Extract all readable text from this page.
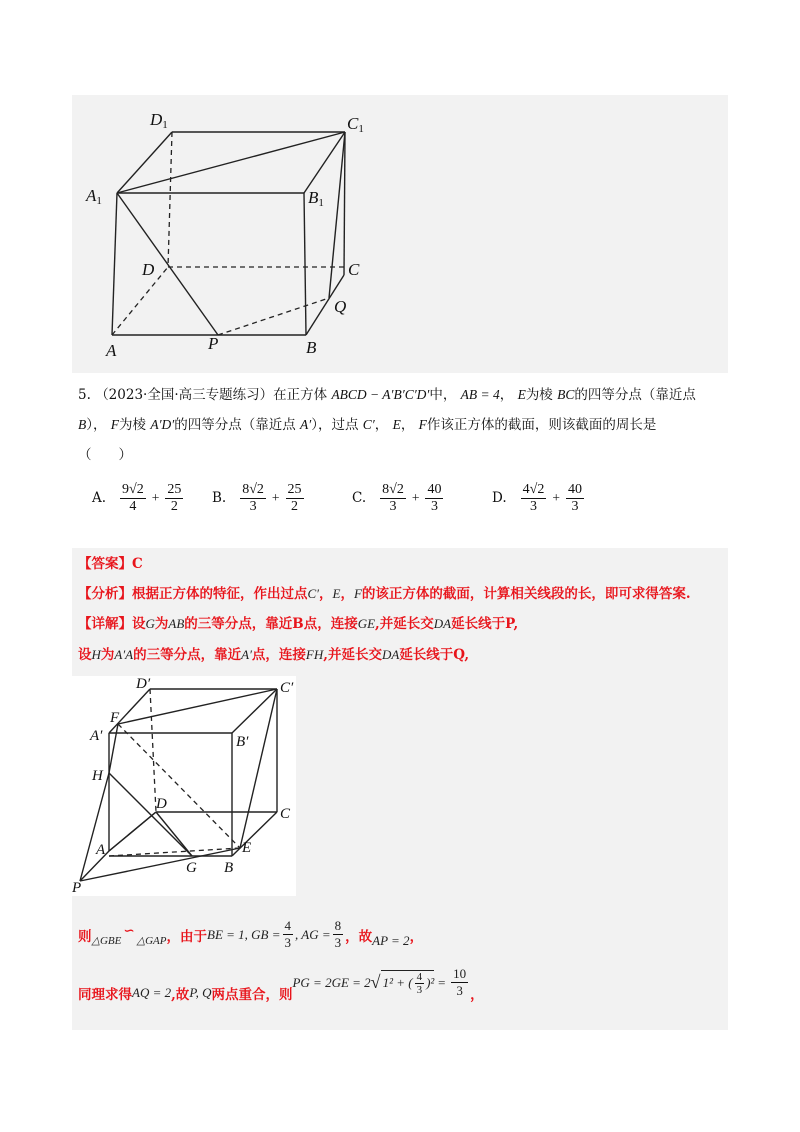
D1	C1
A1	B1
D	C
Q
A	P	B
5. （2023·全国·高三专题练习）在正方体 ABCD − A′B′C′D′中， AB = 4， E为棱 BC的四等分点（靠近点
B）， F为棱 A′D′的四等分点（靠近点 A′），过点 C′， E， F作该正方体的截面，则该截面的周长是
（　　）
A. $\frac{9√2}{4} + \frac{25}{2} B$. $\frac{8√2}{3} + \frac{25}{2}$	C. $\frac{8√2}{3} + \frac{40}{3}$	D. $\frac{4√2}{3} + \frac{40}{3}$
【答案】C
【分析】根据正方体的特征，作出过点C′，E，F的该正方体的截面，计算相关线段的长，即可求得答案.
【详解】设G为AB的三等分点，靠近B点，连接GE,并延长交DA延长线于P,
设H为A′A的三等分点，靠近A′点，连接FH,并延长交DA延长线于Q,
D′	C′
F
A′	B′
H
D
C
A	E
G B
P
则 △GBE
∽
△GAP ，由于 BE = 1, GB = $\frac{4}{3}$ , AG = $\frac{8}{3}$ ，故 AP = 2 ，
同理求得 AQ = 2 ,故 P, Q 两点重合，则
PG = 2GE = 2 √ 1² + ( $\frac{4}{3} )^2 = \frac{10}{3}$ ，
